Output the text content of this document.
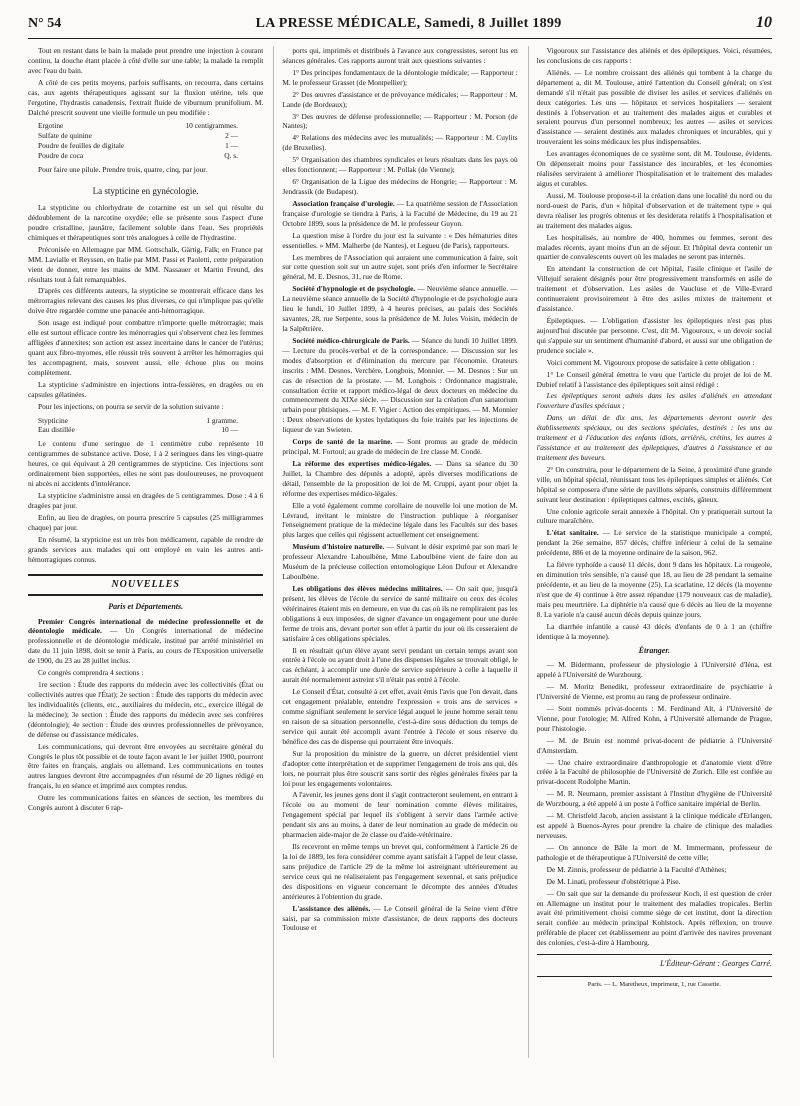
N° 54	LA PRESSE MÉDICALE, Samedi, 8 Juillet 1899	10

Tout en restant dans le bain la malade peut prendre une injection à courant continu, la douche étant placée à côté d'elle sur une table; la malade la remplit avec l'eau du bain.

A côté de ces petits moyens, parfois suffisants, on recourra, dans certains cas, aux agents thérapeutiques agissant sur la fluxion utérine, tels que l'ergotine, l'hydrastis canadensis, l'extrait fluide de viburnum prunifolium. M. Dalché prescrit souvent une vieille formule un peu modifiée :

Ergotine	10 centigrammes.
Sulfate de quinine	2 —
Poudre de feuilles de digitale	1 —
Poudre de coca	Q. s.

Pour faire une pilule. Prendre trois, quatre, cinq, par jour.

La stypticine en gynécologie.

La stypticine ou chlorhydrate de cotarnine est un sel qui résulte du dédoublement de la narcotine oxydée; elle se présente sous l'aspect d'une poudre cristalline, jaunâtre, facilement soluble dans l'eau. Ses propriétés chimiques et thérapeutiques sont très analogues à celle de l'hydrastine.

Préconisée en Allemagne par MM. Gottschalk, Gärtig, Falk; en France par MM. Lavialle et Reyssen, en Italie par MM. Passi et Paoletti, cette préparation vient de donner, entre les mains de MM. Nassauer et Martin Freund, des résultats tout à fait remarquables.

D'après ces différents auteurs, la stypticine se montrerait efficace dans les métrorragies relevant des causes les plus diverses, ce qui n'implique pas qu'elle doive être regardée comme une panacée anti-hémorragique.

Son usage est indiqué pour combattre n'importe quelle métrorragie; mais elle est surtout efficace contre les ménorragies qui s'observent chez les femmes affligées d'annexites; son action est assez incertaine dans le cancer de l'utérus; quant aux fibro-myomes, elle réussit très souvent à arrêter les hémorragies qui les accompagnent, mais, souvent aussi, elle échoue plus ou moins complètement.

La stypticine s'administre en injections intra-fessières, en dragées ou en capsules gélatinées.

Pour les injections, on pourra se servir de la solution suivante :

Stypticine	1 gramme.
Eau distillée	10 —

Le contenu d'une seringue de 1 centimètre cube représente 10 centigrammes de substance active. Dose, 1 à 2 seringues dans les vingt-quatre heures, ce qui équivaut à 20 centigrammes de stypticine. Ces injections sont ordinairement bien supportées, elles ne sont pas douloureuses, ne provoquent ni abcès ni accidents d'intolérance.

La stypticine s'administre aussi en dragées de 5 centigrammes. Dose : 4 à 6 dragées par jour.

Enfin, au lieu de dragées, on pourra prescrire 5 capsules (25 milligrammes chaque) par jour.

En résumé, la stypticine est un très bon médicament, capable de rendre de grands services aux malades qui ont employé en vain les autres anti-hémorragiques connus.

NOUVELLES
Paris et Départements.

Premier Congrès international de médecine professionnelle et de déontologie médicale. — Un Congrès international de médecine professionnelle et de déontologie médicale, institué par arrêté ministériel en date du 11 juin 1898, doit se tenir à Paris, au cours de l'Exposition universelle de 1900, du 23 au 28 juillet inclus.

Ce congrès comprendra 4 sections :

1re section : Étude des rapports du médecin avec les collectivités (État ou collectivités autres que l'État); 2e section : Étude des rapports du médecin avec les individualités (clients, etc., auxiliaires du médecin, etc., exercice illégal de la médecine); 3e section : Étude des rapports du médecin avec ses confrères (déontologie); 4e section : Étude des œuvres professionnelles de prévoyance, de défense ou d'assistance médicales.

Les communications, qui devront être envoyées au secrétaire général du Congrès le plus tôt possible et de toute façon avant le 1er juillet 1900, pourront être faites en français, anglais ou allemand. Les communications en toutes autres langues devront être accompagnées d'un résumé de 20 lignes rédigé en français, lu en séance et imprimé aux comptes rendus.

Outre les communications faites en séances de section, les membres du Congrès auront à discuter 6 rap-

ports qui, imprimés et distribués à l'avance aux congressistes, seront lus en séances générales. Ces rapports auront trait aux questions suivantes :

1° Des principes fondamentaux de la déontologie médicale; — Rapporteur : M. le professeur Grasset (de Montpellier);

2° Des œuvres d'assistance et de prévoyance médicales; — Rapporteur : M. Lande (de Bordeaux);

3° Des œuvres de défense professionnelle; — Rapporteur : M. Porson (de Nantes);

4° Relations des médecins avec les mutualités; — Rapporteur : M. Cuylits (de Bruxelles).

5° Organisation des chambres syndicales et leurs résultats dans les pays où elles fonctionnent; — Rapporteur : M. Pollak (de Vienne);

6° Organisation de la Ligue des médecins de Hongrie; — Rapporteur : M. Jendrassik (de Budapest).

Association française d'urologie. — La quatrième session de l'Association française d'urologie se tiendra à Paris, à la Faculté de Médecine, du 19 au 21 Octobre 1899, sous la présidence de M. le professeur Guyon.

La question mise à l'ordre du jour est la suivante : « Des hématuries dites essentielles. » MM. Malherbe (de Nantes), et Legueu (de Paris), rapporteurs.

Les membres de l'Association qui auraient une communication à faire, soit sur cette question soit sur un autre sujet, sont priés d'en informer le Secrétaire général, M. E. Desnos, 31, rue de Rome.

Société d'hypnologie et de psychologie. — Neuvième séance annuelle. — La neuvième séance annuelle de la Société d'hypnologie et de psychologie aura lieu le lundi, 10 Juillet 1899, à 4 heures précises, au palais des Sociétés savantes, 28, rue Serpente, sous la présidence de M. Jules Voisin, médecin de la Salpêtrière.

Société médico-chirurgicale de Paris. — Séance du lundi 10 Juillet 1899. — Lecture du procès-verbal et de la correspondance. — Discussion sur les modes d'absorption et d'élimination du mercure par l'économie. Orateurs inscrits : MM. Desnos, Verchère, Longbois, Monnier. — M. Desnos : Sur un cas de résection de la prostate. — M. Longbois : Ordonnance magistrale, consultation écrite et rapport médico-légal de deux docteurs en médecine du commencement du XIXe siècle. — Discussion sur la création d'un sanatorium urbain pour phtisiques. — M. F. Vigier : Action des empiriques. — M. Monnier : Deux observations de kystes hydatiques du foie traités par les injections de liqueur de van Swieten.

Corps de santé de la marine. — Sont promus au grade de médecin principal, M. Fortoul; au grade de médecin de 1re classe M. Condé.

La réforme des expertises médico-légales. — Dans sa séance du 30 Juillet, la Chambre des députés a adopté, après diverses modifications de détail, l'ensemble de la proposition de loi de M. Cruppi, ayant pour objet la réforme des expertises médico-légales.

Elle a voté également comme corollaire de nouvelle loi une motion de M. Lévraud, invitant le ministre de l'instruction publique à réorganiser l'enseignement pratique de la médecine légale dans les Facultés sur des bases plus larges que celles qui régissent actuellement cet enseignement.

Muséum d'histoire naturelle. — Suivant le désir exprimé par son mari le professeur Alexandre Laboulbène, Mme Laboulbène vient de faire don au Muséum de la précieuse collection entomologique Léon Dufour et Alexandre Laboulbène.

Les obligations des élèves médecins militaires. — On sait que, jusqu'à présent, les élèves de l'école du service de santé militaire ou ceux des écoles vétérinaires étaient mis en demeure, en vue du cas où ils ne rempliraient pas les obligations à eux imposées, de signer d'avance un engagement pour une durée ferme de trois ans, devant porter son effet à partir du jour où ils cesseraient de satisfaire à ces obligations spéciales.

Il en résultait qu'un élève ayant servi pendant un certain temps avant son entrée à l'école ou ayant droit à l'une des dispenses légales se trouvait obligé, le cas échéant, à accomplir une durée de service supérieure à celle à laquelle il aurait été normalement astreint s'il n'était pas entré à l'école.

Le Conseil d'État, consulté à cet effet, avait émis l'avis que l'on devait, dans cet engagement préalable, entendre l'expression « trois ans de services » comme signifiant seulement le service légal auquel le jeune homme serait tenu en raison de sa situation personnelle, c'est-à-dire sous déduction du temps de service qui aurait été accompli avant l'entrée à l'école et sous réserve du bénéfice des cas de dispense qui pourraient être invoqués.

Sur la proposition du ministre de la guerre, un décret présidentiel vient d'adopter cette interprétation et de supprimer l'engagement de trois ans qui, dès lors, ne pourrait plus être souscrit sans sortir des règles générales fixées par la loi pour les engagements volontaires.

A l'avenir, les jeunes gens dont il s'agit contracteront seulement, en entrant à l'école ou au moment de leur nomination comme élèves militaires, l'engagement spécial par lequel ils s'obligent à servir dans l'armée active pendant six ans au moins, à dater de leur nomination au grade de médecin ou pharmacien aide-major de 2e classe ou d'aide-vétérinaire.

Ils recevront en même temps un brevet qui, conformément à l'article 26 de la loi de 1889, les fera considérer comme ayant satisfait à l'appel de leur classe, sans préjudice de l'article 29 de la même loi astreignant ultérieurement au service ceux qui ne réaliseraient pas l'engagement sexennal, et sans préjudice des dispositions en vigueur concernant le décompte des années d'études antérieures à l'obtention du grade.

L'assistance des aliénés. — Le Conseil général de la Seine vient d'être saisi, par sa commission mixte d'assistance, de deux rapports des docteurs Toulouse et

Vigouroux sur l'assistance des aliénés et des épileptiques. Voici, résumées, les conclusions de ces rapports :

Aliénés. — Le nombre croissant des aliénés qui tombent à la charge du département a, dit M. Toulouse, attiré l'attention du Conseil général; on s'est demandé s'il n'était pas possible de diviser les asiles et services d'aliénés en deux catégories. Les uns — hôpitaux et services hospitaliers — seraient destinés à l'observation et au traitement des malades aigus et curables et seraient pourvus d'un personnel nombreux; les autres — asiles et services d'assistance — seraient destinés aux malades chroniques et incurables, qui y trouveraient les soins médicaux les plus indispensables.

Les avantages économiques de ce système sont, dit M. Toulouse, évidents. On dépenserait moins pour l'assistance des incurables, et les économies réalisées serviraient à améliorer l'hospitalisation et le traitement des malades aigus et curables.

Aussi, M. Toulouse propose-t-il la création dans une localité du nord ou du nord-ouest de Paris, d'un « hôpital d'observation et de traitement type » qui devra réaliser les progrès obtenus et les desiderata relatifs à l'hospitalisation et au traitement des malades aigus.

Les hospitalisés, au nombre de 400, hommes ou femmes, seront des malades récents, ayant moins d'un an de séjour. Et l'hôpital devra contenir un quartier de convalescents ouvert où les malades ne seront pas internés.

En attendant la construction de cet hôpital, l'asile clinique et l'asile de Villejuif seraient désignés pour être progressivement transformés en asile de traitement et d'observation. Les asiles de Vaucluse et de Ville-Evrard continueraient provisoirement à être des asiles mixtes de traitement et d'assistance.

Épileptiques. — L'obligation d'assister les épileptiques n'est pas plus aujourd'hui discutée par personne. C'est, dit M. Vigouroux, « un devoir social qui s'appuie sur un sentiment d'humanité d'abord, et aussi sur une obligation de prudence sociale ».

Voici comment M. Vigouroux propose de satisfaire à cette obligation :

1° Le Conseil général émettra le vœu que l'article du projet de loi de M. Dubief relatif à l'assistance des épileptiques soit ainsi rédigé :

Les épileptiques seront admis dans les asiles d'aliénés en attendant l'ouverture d'asiles spéciaux ;

Dans un délai de dix ans, les départements devront ouvrir des établissements spéciaux, ou des sections spéciales, destinés : les uns au traitement et à l'éducation des enfants idiots, arriérés, crétins, les autres à l'assistance et au traitement des épileptiques, d'autres à l'assistance et au traitement des buveurs.

2° On construira, pour le département de la Seine, à proximité d'une grande ville, un hôpital spécial, réunissant tous les épileptiques simples et aliénés. Cet hôpital se composera d'une série de pavillons séparés, construits différemment suivant leur destination : épileptiques calmes, excités, gâteux.

Une colonie agricole serait annexée à l'hôpital. On y pratiquerait surtout la culture maraîchère.

L'état sanitaire. — Le service de la statistique municipale a compté, pendant la 26e semaine, 857 décès, chiffre inférieur à celui de la semaine précédente, 886 et de la moyenne ordinaire de la saison, 962.

La fièvre typhoïde a causé 11 décès, dont 9 dans les hôpitaux. La rougeole, en diminution très sensible, n'a causé que 18, au lieu de 28 pendant la semaine précédente, et au lieu de la moyenne (25). La scarlatine, 12 décès (la moyenne n'est que de 4) continue à être assez répandue (179 nouveaux cas de maladie), mais peu meurtrière. La diphtérie n'a causé que 6 décès au lieu de la moyenne 8. La variole n'a causé aucun décès depuis quinze jours.

La diarrhée infantile a causé 43 décès d'enfants de 0 à 1 an (chiffre identique à la moyenne).

Étranger.

— M. Bidermann, professeur de physiologie à l'Université d'Iéna, est appelé à l'Université de Wurzbourg.

— M. Moritz Benedikt, professeur extraordinaire de psychiatrie à l'Université de Vienne, est promu au rang de professeur ordinaire.

— Sont nommés privat-docents : M. Ferdinand Alt, à l'Université de Vienne, pour l'otologie; M. Alfred Kohn, à l'Université allemande de Prague, pour l'histologie.

— M. de Bruin est nommé privat-docent de pédiatrie à l'Université d'Amsterdam.

— Une chaire extraordinaire d'anthropologie et d'anatomie vient d'être créée à la Faculté de philosophie de l'Université de Zurich. Elle est confiée au privat-docent Rodolphe Martin.

— M. R. Neumann, premier assistant à l'Institut d'hygiène de l'Université de Wurzbourg, a été appelé à un poste à l'office sanitaire impérial de Berlin.

— M. Christfeld Jacob, ancien assistant à la clinique médicale d'Erlangen, est appelé à Buenos-Ayres pour prendre la chaire de clinique des maladies nerveuses.

— On annonce de Bâle la mort de M. Immermann, professeur de pathologie et de thérapeutique à l'Université de cette ville;

De M. Zinnis, professeur de pédiatrie à la Faculté d'Athènes;

De M. Linati, professeur d'obstétrique à Pise.

— On sait que sur la demande du professeur Koch, il est question de créer en Allemagne un institut pour le traitement des maladies tropicales. Berlin avait été primitivement choisi comme siège de cet institut, dont la direction serait confiée au médecin principal Kohlstock. Après réflexion, on trouve préférable de placer cet établissement au point d'arrivée des navires provenant des colonies, c'est-à-dire à Hambourg.

L'Éditeur-Gérant : Georges Carré.

Paris. — L. Maretheux, imprimeur, 1, rue Cassette.
